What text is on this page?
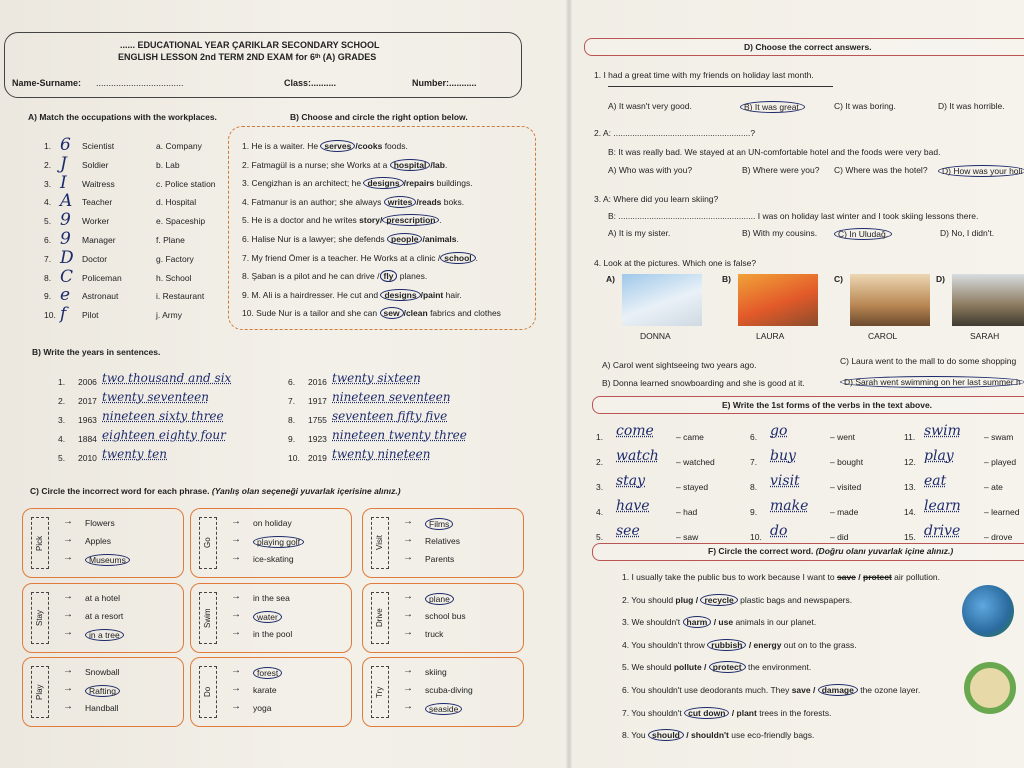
...... EDUCATIONAL YEAR ÇARIKLAR SECONDARY SCHOOL
ENGLISH LESSON 2nd TERM 2ND EXAM for 6ᵗʰ (A) GRADES
Name-Surname: ...................................	Class:..........	Number:...........
A) Match the occupations with the workplaces.
1. 6 Scientist	a. Company
2. J Soldier	b. Lab
3. I Waitress	c. Police station
4. A Teacher	d. Hospital
5. 9 Worker	e. Spaceship
6. 9 Manager	f. Plane
7. D Doctor	g. Factory
8. C Policeman	h. School
9. e Astronaut	i. Restaurant
10. f Pilot	j. Army
B) Choose and circle the right option below.
1. He is a waiter. He serves /cooks foods.
2. Fatmagül is a nurse; she Works at a hospital /lab.
3. Cengizhan is an architect; he designs /repairs buildings.
4. Fatmanur is an author; she always writes /reads boks.
5. He is a doctor and he writes story/ prescription .
6. Halise Nur is a lawyer; she defends people /animals.
7. My friend Ömer is a teacher. He Works at a clinic / school .
8. Şaban is a pilot and he can drive / fly planes.
9. M. Ali is a hairdresser. He cut and designs /paint hair.
10. Sude Nur is a tailor and she can sew /clean fabrics and clothes
B) Write the years in sentences.
1. 2006 two thousand and six
2. 2017 twenty seventeen
3. 1963 nineteen sixty three
4. 1884 eighteen eighty four
5. 2010 twenty ten
6. 2016 twenty sixteen
7. 1917 nineteen seventeen
8. 1755 seventeen fifty five
9. 1923 nineteen twenty three
10. 2019 twenty nineteen
C) Circle the incorrect word for each phrase. (Yanlış olan seçeneği yuvarlak içerisine alınız.)
Pick
→ Flowers
→ Apples
→	Museums
Go
→ on holiday
→	playing golf
→ ice-skating
Visit
→	Films
→ Relatives
→ Parents
Stay
→ at a hotel
→ at a resort
→	in a tree
Swim
→ in the sea
→	water
→ in the pool
Drive
→	plane
→ school bus
→ truck
Play
→ Snowball
→	Rafting
→ Handball
Do
→	forest
→ karate
→ yoga
Try
→ skiing
→ scuba-diving
→	seaside
D) Choose the correct answers.
1. I had a great time with my friends on holiday last month.
A) It wasn't very good.	B) It was great.	C) It was boring.	D) It was horrible.
2. A: ..........................................................?
B: It was really bad. We stayed at an UN-comfortable hotel and the foods were very bad.
A) Who was with you?	B) Where were you? C) Where was the hotel?	D) How was your holi
3. A: Where did you learn skiing?
B: .......................................................... I was on holiday last winter and I took skiing lessons there.
A) It is my sister.	B) With my cousins.	C) In Uludağ.	D) No, I didn't.
4. Look at the pictures. Which one is false?
A)
DONNA
B)
LAURA
C)
CAROL
D)
SARAH
A) Carol went sightseeing two years ago.	C) Laura went to the mall to do some shopping
B) Donna learned snowboarding and she is good at it.	D) Sarah went swimming on her last summer h
E) Write the 1st forms of the verbs in the text above.
1. come	– came
2. watch – watched
3. stay	– stayed
4. have	– had
5. see	– saw
6. go	– went
7. buy	– bought
8. visit	– visited
9. make	– made
10. do	– did
11. swim	– swam
12. play	– played
13. eat	– ate
14. learn	– learned
15. drive	– drove
F) Circle the correct word. (Doğru olanı yuvarlak içine alınız.)
1. I usually take the public bus to work because I want to save / protect air pollution.
2. You should plug / recycle plastic bags and newspapers.
3. We shouldn't harm / use animals in our planet.
4. You shouldn't throw rubbish / energy out on to the grass.
5. We should pollute / protect the environment.
6. You shouldn't use deodorants much. They save / damage the ozone layer.
7. You shouldn't cut down / plant trees in the forests.
8. You should / shouldn't use eco-friendly bags.
